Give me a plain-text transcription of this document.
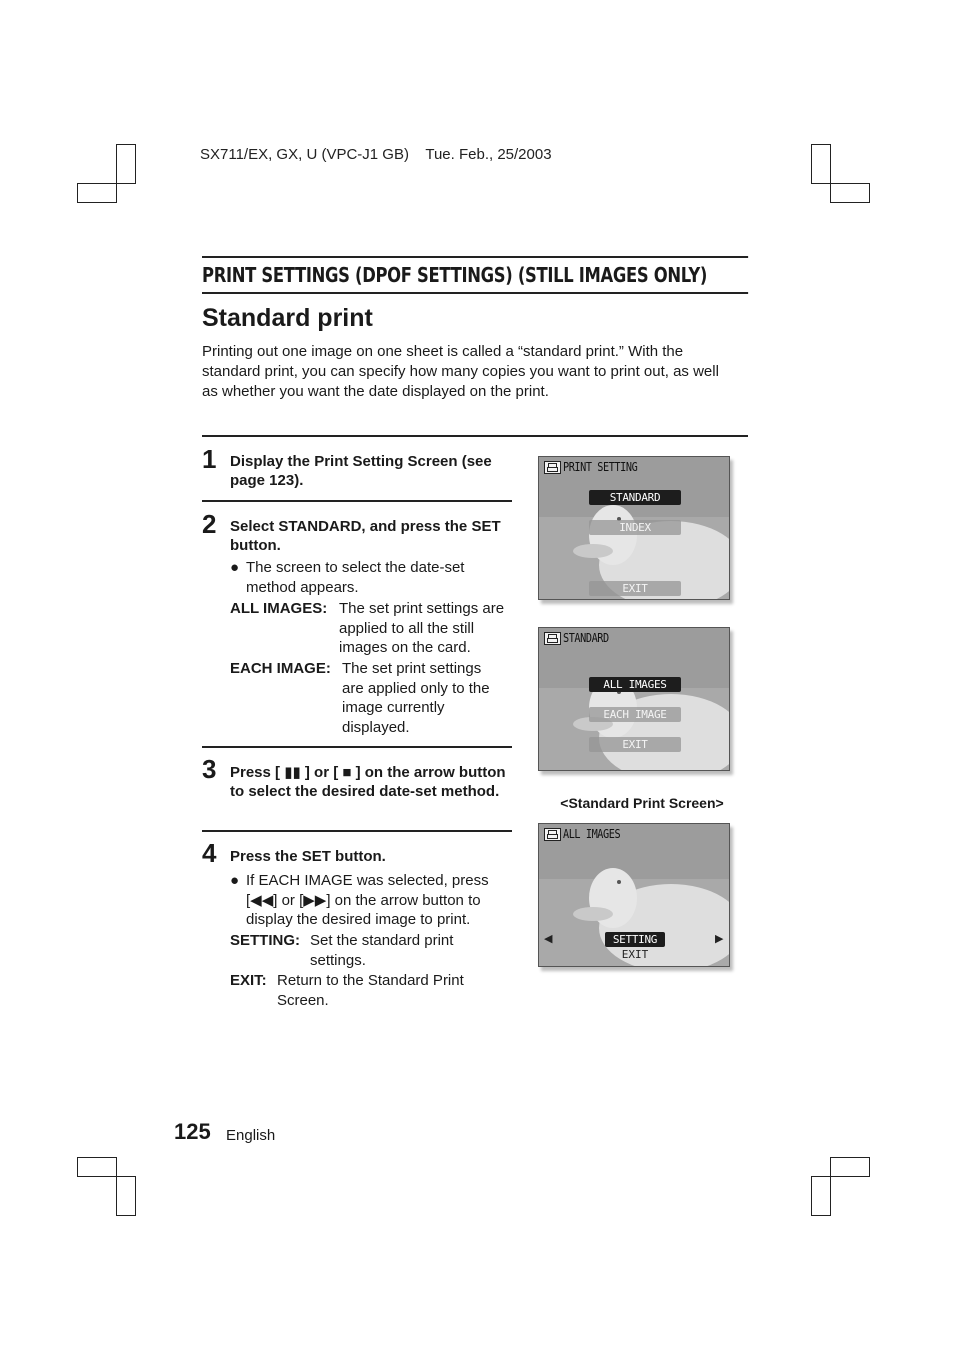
SX711/EX, GX, U (VPC-J1 GB)    Tue. Feb., 25/2003
PRINT SETTINGS (DPOF SETTINGS) (STILL IMAGES ONLY)
Standard print
Printing out one image on one sheet is called a “standard print.” With the standard print, you can specify how many copies you want to print out, as well as whether you want the date displayed on the print.
1 Display the Print Setting Screen (see page 123).
2 Select STANDARD, and press the SET button.
● The screen to select the date-set method appears.
ALL IMAGES: The set print settings are applied to all the still images on the card.
EACH IMAGE: The set print settings are applied only to the image currently displayed.
3 Press [ ▮▮ ] or [ ■ ] on the arrow button to select the desired date-set method.
4 Press the SET button.
● If EACH IMAGE was selected, press [◀◀] or [▶▶] on the arrow button to display the desired image to print.
SETTING: Set the standard print settings.
EXIT: Return to the Standard Print Screen.
PRINT SETTING
STANDARD
INDEX
EXIT
STANDARD
ALL IMAGES
EACH IMAGE
EXIT
<Standard Print Screen>
ALL IMAGES
◀	▶
SETTING
EXIT
125 English
